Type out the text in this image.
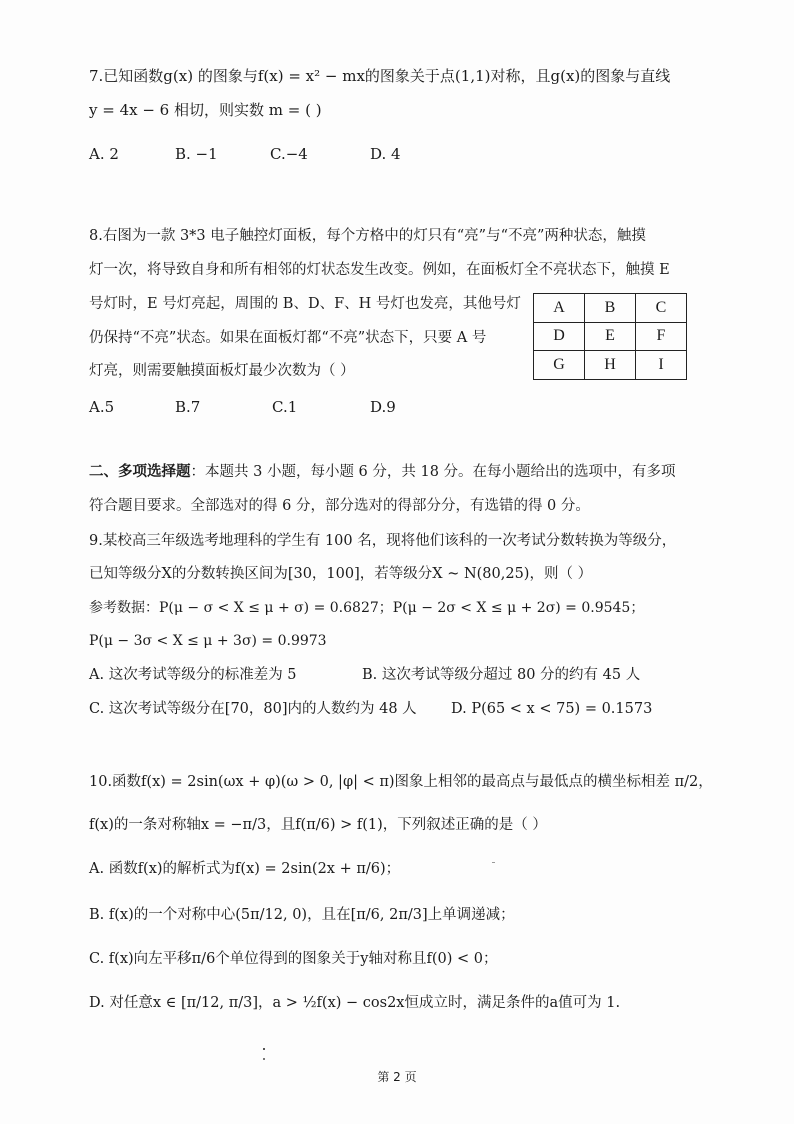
7.已知函数g(x) 的图象与f(x) = x² − mx的图象关于点(1,1)对称，且g(x)的图象与直线
y = 4x − 6 相切，则实数 m = ( )
A. 2	B. −1	C.−4	D. 4
8.右图为一款 3*3 电子触控灯面板，每个方格中的灯只有“亮”与“不亮”两种状态，触摸
灯一次，将导致自身和所有相邻的灯状态发生改变。例如，在面板灯全不亮状态下，触摸 E
号灯时，E 号灯亮起，周围的 B、D、F、H 号灯也发亮，其他号灯
仍保持“不亮”状态。如果在面板灯都“不亮”状态下，只要 A 号
灯亮，则需要触摸面板灯最少次数为（ ）
A	B	C
D	E	F
G	H	I
A.5	B.7	C.1	D.9
二、多项选择题：本题共 3 小题，每小题 6 分，共 18 分。在每小题给出的选项中，有多项
符合题目要求。全部选对的得 6 分，部分选对的得部分分，有选错的得 0 分。
9.某校高三年级选考地理科的学生有 100 名，现将他们该科的一次考试分数转换为等级分，
已知等级分X的分数转换区间为[30，100]，若等级分X ~ N(80,25)，则（ ）
参考数据：P(μ − σ < X ≤ μ + σ) = 0.6827；P(μ − 2σ < X ≤ μ + 2σ) = 0.9545；
P(μ − 3σ < X ≤ μ + 3σ) = 0.9973
A. 这次考试等级分的标准差为 5	B. 这次考试等级分超过 80 分的约有 45 人
C. 这次考试等级分在[70，80]内的人数约为 48 人 D. P(65 < x < 75) = 0.1573
10.函数f(x) = 2sin(ωx + φ)(ω > 0, |φ| < π)图象上相邻的最高点与最低点的横坐标相差 π/2，
f(x)的一条对称轴x = −π/3，且f(π/6) > f(1)，下列叙述正确的是（ ）
A. 函数f(x)的解析式为f(x) = 2sin(2x + π/6)；
B. f(x)的一个对称中心(5π/12, 0)，且在[π/6, 2π/3]上单调递减；
C. f(x)向左平移π/6个单位得到的图象关于y轴对称且f(0) < 0；
D. 对任意x ∈ [π/12, π/3]，a > ½f(x) − cos2x恒成立时，满足条件的a值可为 1.
第 2 页
